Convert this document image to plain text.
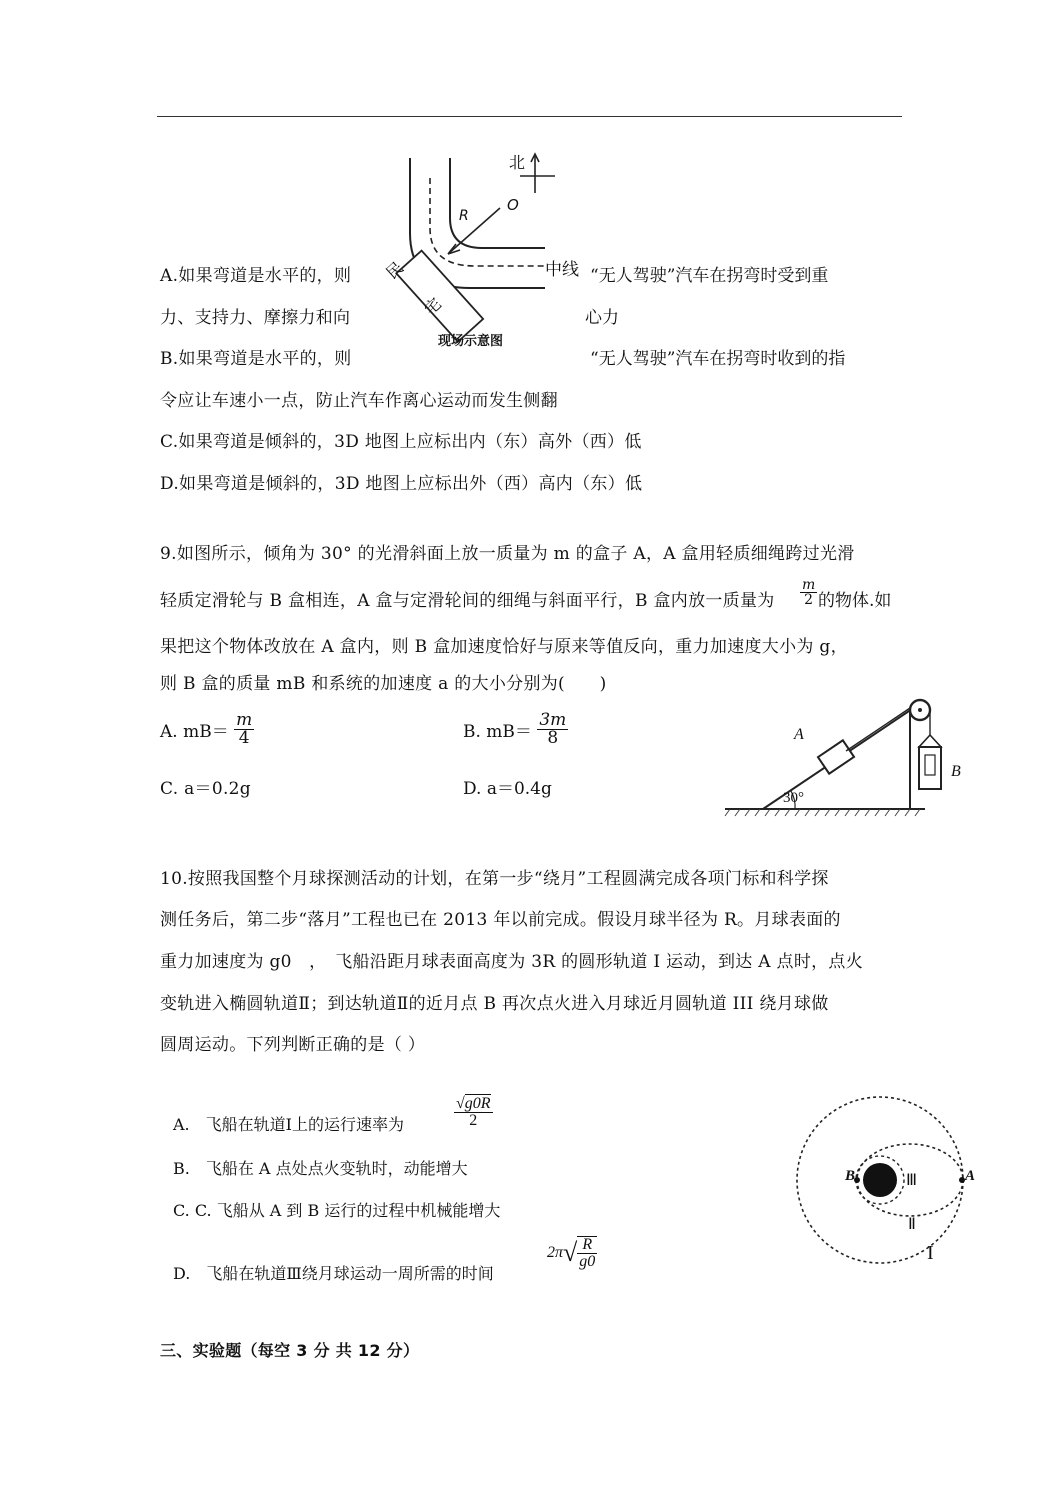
北
R
O
中线
民
宅
现场示意图
A.如果弯道是水平的，则	“无人驾驶”汽车在拐弯时受到重
力、支持力、摩擦力和向	心力
B.如果弯道是水平的，则	“无人驾驶”汽车在拐弯时收到的指
令应让车速小一点，防止汽车作离心运动而发生侧翻
C.如果弯道是倾斜的，3D 地图上应标出内（东）高外（西）低
D.如果弯道是倾斜的，3D 地图上应标出外（西）高内（东）低
9.如图所示，倾角为 30° 的光滑斜面上放一质量为 m 的盒子 A，A 盒用轻质细绳跨过光滑
轻质定滑轮与 B 盒相连，A 盒与定滑轮间的细绳与斜面平行，B 盒内放一质量为 $\frac{m}{2}$ 的物体.如
果把这个物体改放在 A 盒内，则 B 盒加速度恰好与原来等值反向，重力加速度大小为 g，
则 B 盒的质量 mB 和系统的加速度 a 的大小分别为(　　)
A. $mB= \frac{m}{4}$	B. $mB= \frac{3m}{8}$
C. a＝0.2g	D. a＝0.4g
A
B
30°
10.按照我国整个月球探测活动的计划，在第一步“绕月”工程圆满完成各项门标和科学探
测任务后，第二步“落月”工程也已在 2013 年以前完成。假设月球半径为 R。月球表面的
重力加速度为 g0　，　飞船沿距月球表面高度为 3R 的圆形轨道 I 运动，到达 A 点时，点火
变轨进入椭圆轨道Ⅱ；到达轨道Ⅱ的近月点 B 再次点火进入月球近月圆轨道 III 绕月球做
圆周运动。下列判断正确的是（ ）
A.　飞船在轨道Ⅰ上的运行速率为	$\frac{√g0R}{2}$
B.　飞船在 A 点处点火变轨时，动能增大
C. C. 飞船从 A 到 B 运行的过程中机械能增大
D.　飞船在轨道Ⅲ绕月球运动一周所需的时间
$2\pi√ \frac{R}{g0}$
B	A
Ⅲ
Ⅱ
I
三、实验题（每空 3 分 共 12 分）
